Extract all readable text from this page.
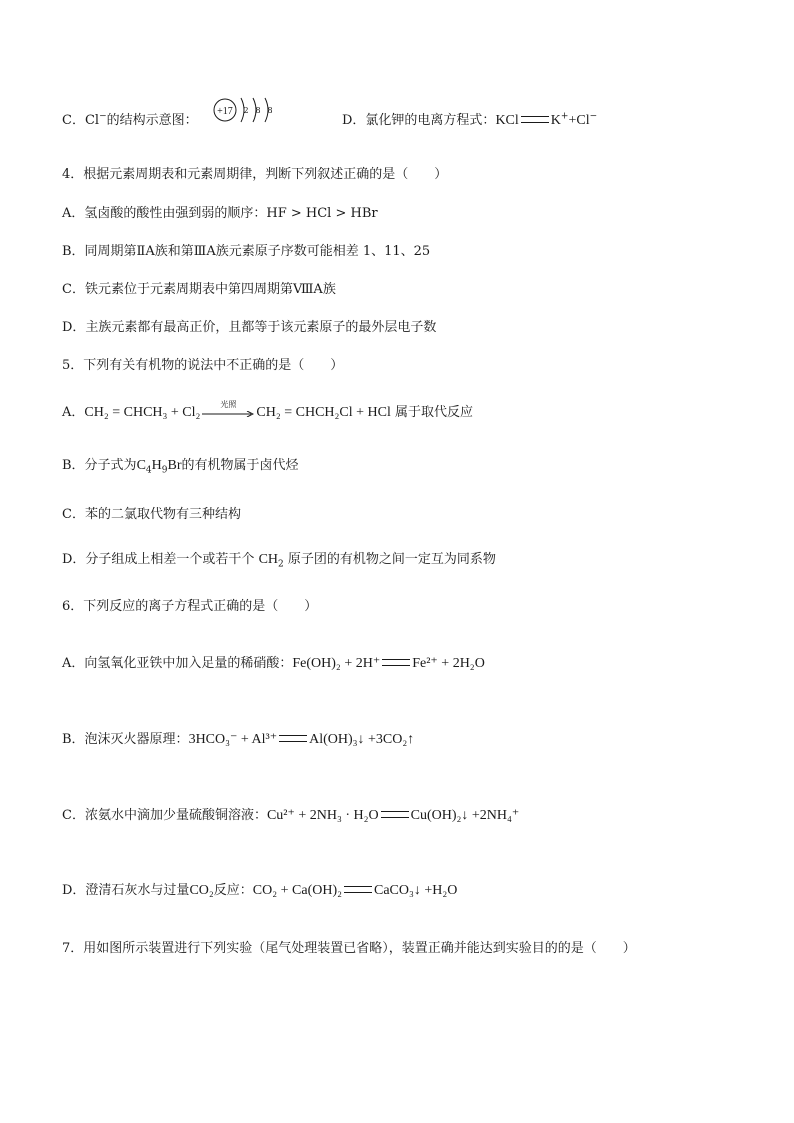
C．Cl−的结构示意图：
+17 2 8 8
D．氯化钾的电离方程式：KCl K++Cl−
4．根据元素周期表和元素周期律，判断下列叙述正确的是（　　）
A．氢卤酸的酸性由强到弱的顺序：HF > HCl > HBr
B．同周期第ⅡA族和第ⅢA族元素原子序数可能相差 1、11、25
C．铁元素位于元素周期表中第四周期第ⅧA族
D．主族元素都有最高正价，且都等于该元素原子的最外层电子数
5．下列有关有机物的说法中不正确的是（　　）
A．CH₂ = CHCH₃ + Cl₂
光照
CH₂ = CHCH₂Cl + HCl 属于取代反应
B．分子式为$C_4H_9Br$的有机物属于卤代烃
C．苯的二氯取代物有三种结构
D．分子组成上相差一个或若干个 $CH_2$ 原子团的有机物之间一定互为同系物
6．下列反应的离子方程式正确的是（　　）
A．向氢氧化亚铁中加入足量的稀硝酸：Fe(OH)₂ + 2H⁺ Fe²⁺ + 2H₂O
B．泡沫灭火器原理：3HCO₃⁻ + Al³⁺ Al(OH)₃↓ +3CO₂↑
C．浓氨水中滴加少量硫酸铜溶液：Cu²⁺ + 2NH₃ · H₂O Cu(OH)₂↓ +2NH₄⁺
D．澄清石灰水与过量CO₂反应：CO₂ + Ca(OH)₂ CaCO₃↓ +H₂O
7．用如图所示装置进行下列实验（尾气处理装置已省略），装置正确并能达到实验目的的是（　　）
